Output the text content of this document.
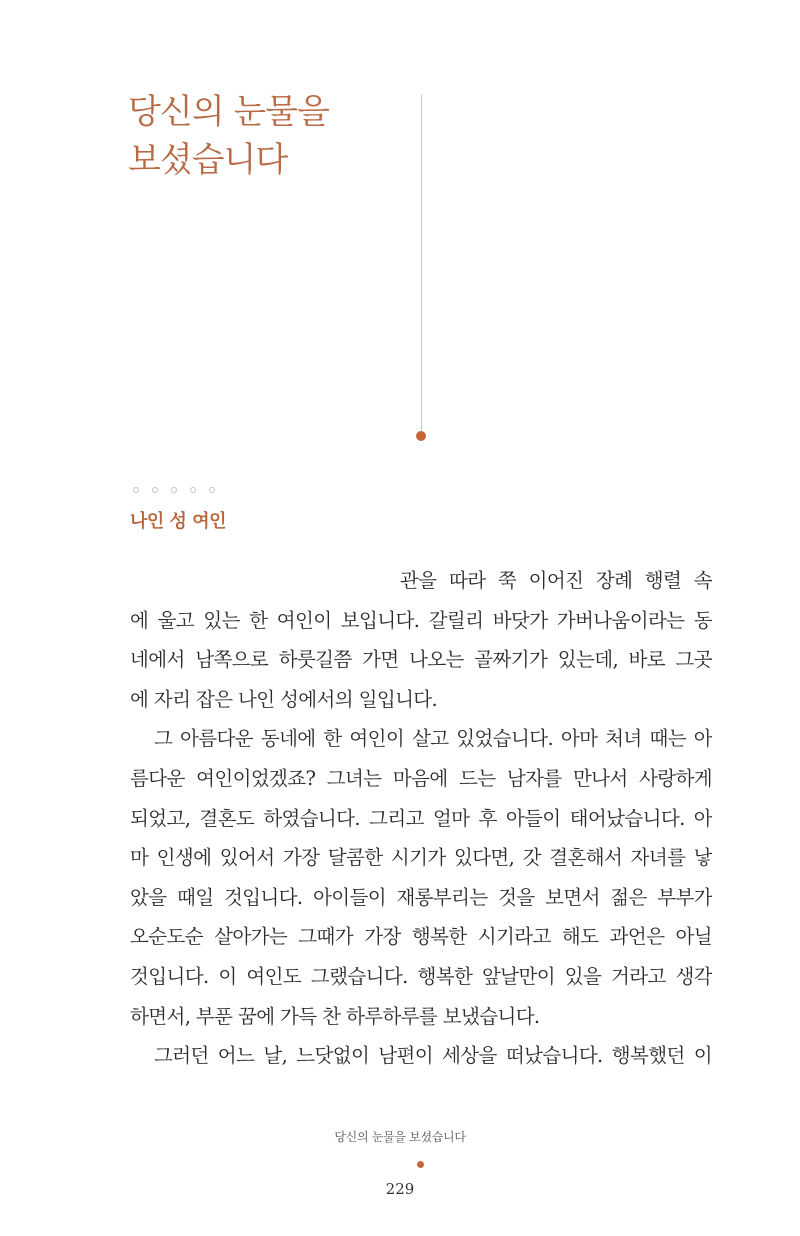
당신의 눈물을
보셨습니다
나인 성 여인
관을 따라 쭉 이어진 장례 행렬 속
에 울고 있는 한 여인이 보입니다. 갈릴리 바닷가 가버나움이라는 동
네에서 남쪽으로 하룻길쯤 가면 나오는 골짜기가 있는데, 바로 그곳
에 자리 잡은 나인 성에서의 일입니다.
그 아름다운 동네에 한 여인이 살고 있었습니다. 아마 처녀 때는 아
름다운 여인이었겠죠? 그녀는 마음에 드는 남자를 만나서 사랑하게
되었고, 결혼도 하였습니다. 그리고 얼마 후 아들이 태어났습니다. 아
마 인생에 있어서 가장 달콤한 시기가 있다면, 갓 결혼해서 자녀를 낳
았을 때일 것입니다. 아이들이 재롱부리는 것을 보면서 젊은 부부가
오순도순 살아가는 그때가 가장 행복한 시기라고 해도 과언은 아닐
것입니다. 이 여인도 그랬습니다. 행복한 앞날만이 있을 거라고 생각
하면서, 부푼 꿈에 가득 찬 하루하루를 보냈습니다.
그러던 어느 날, 느닷없이 남편이 세상을 떠났습니다. 행복했던 이
당신의 눈물을 보셨습니다
229
